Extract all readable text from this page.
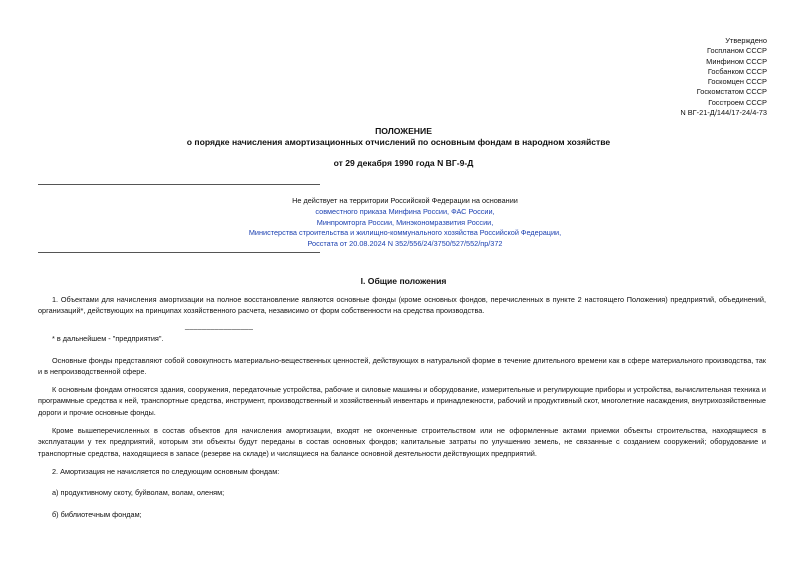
Утверждено
Госпланом СССР
Минфином СССР
Госбанком СССР
Госкомцен СССР
Госкомстатом СССР
Госстроем СССР
N ВГ-21-Д/144/17-24/4-73
ПОЛОЖЕНИЕ
о порядке начисления амортизационных отчислений по основным фондам в народном хозяйстве
от 29 декабря 1990 года N ВГ-9-Д
Не действует на территории Российской Федерации на основании
совместного приказа Минфина России, ФАС России,
Минпромторга России, Минэкономразвития России,
Министерства строительства и жилищно-коммунального хозяйства Российской Федерации,
Росстата от 20.08.2024 N 352/556/24/3750/527/552/пр/372
I. Общие положения
1. Объектами для начисления амортизации на полное восстановление являются основные фонды (кроме основных фондов, перечисленных в пункте 2 настоящего Положения) предприятий, объединений, организаций*, действующих на принципах хозяйственного расчета, независимо от форм собственности на средства производства.
________________
* в дальнейшем - "предприятия".
Основные фонды представляют собой совокупность материально-вещественных ценностей, действующих в натуральной форме в течение длительного времени как в сфере материального производства, так и в непроизводственной сфере.
К основным фондам относятся здания, сооружения, передаточные устройства, рабочие и силовые машины и оборудование, измерительные и регулирующие приборы и устройства, вычислительная техника и программные средства к ней, транспортные средства, инструмент, производственный и хозяйственный инвентарь и принадлежности, рабочий и продуктивный скот, многолетние насаждения, внутрихозяйственные дороги и прочие основные фонды.
Кроме вышеперечисленных в состав объектов для начисления амортизации, входят не оконченные строительством или не оформленные актами приемки объекты строительства, находящиеся в эксплуатации у тех предприятий, которым эти объекты будут переданы в состав основных фондов; капитальные затраты по улучшению земель, не связанные с созданием сооружений; оборудование и транспортные средства, находящиеся в запасе (резерве на складе) и числящиеся на балансе основной деятельности действующих предприятий.
2. Амортизация не начисляется по следующим основным фондам:
а) продуктивному скоту, буйволам, волам, оленям;
б) библиотечным фондам;
